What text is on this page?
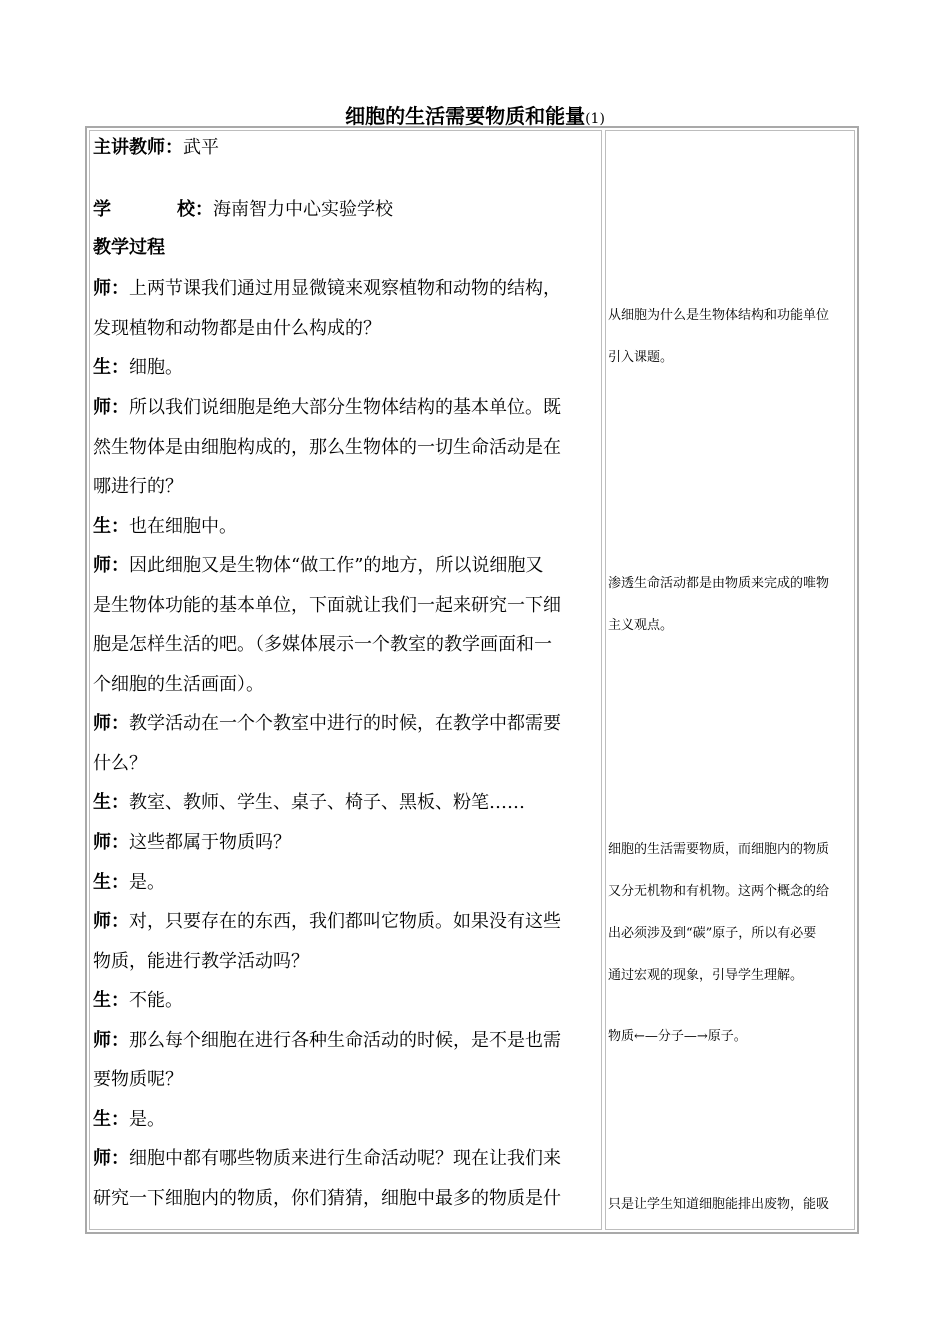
细胞的生活需要物质和能量(1)
主讲教师：武平
学	校：海南智力中心实验学校
教学过程
师：上两节课我们通过用显微镜来观察植物和动物的结构，
发现植物和动物都是由什么构成的？
生：细胞。
师：所以我们说细胞是绝大部分生物体结构的基本单位。既
然生物体是由细胞构成的，那么生物体的一切生命活动是在
哪进行的？
生：也在细胞中。
师：因此细胞又是生物体“做工作”的地方，所以说细胞又
是生物体功能的基本单位，下面就让我们一起来研究一下细
胞是怎样生活的吧。（多媒体展示一个教室的教学画面和一
个细胞的生活画面）。
师：教学活动在一个个教室中进行的时候，在教学中都需要
什么？
生：教室、教师、学生、桌子、椅子、黑板、粉笔……
师：这些都属于物质吗？
生：是。
师：对，只要存在的东西，我们都叫它物质。如果没有这些
物质，能进行教学活动吗？
生：不能。
师：那么每个细胞在进行各种生命活动的时候，是不是也需
要物质呢？
生：是。
师：细胞中都有哪些物质来进行生命活动呢？现在让我们来
研究一下细胞内的物质，你们猜猜，细胞中最多的物质是什
从细胞为什么是生物体结构和功能单位
引入课题。
渗透生命活动都是由物质来完成的唯物
主义观点。
细胞的生活需要物质，而细胞内的物质
又分无机物和有机物。这两个概念的给
出必须涉及到“碳”原子，所以有必要
通过宏观的现象，引导学生理解。
物质←—分子—→原子。
只是让学生知道细胞能排出废物，能吸
